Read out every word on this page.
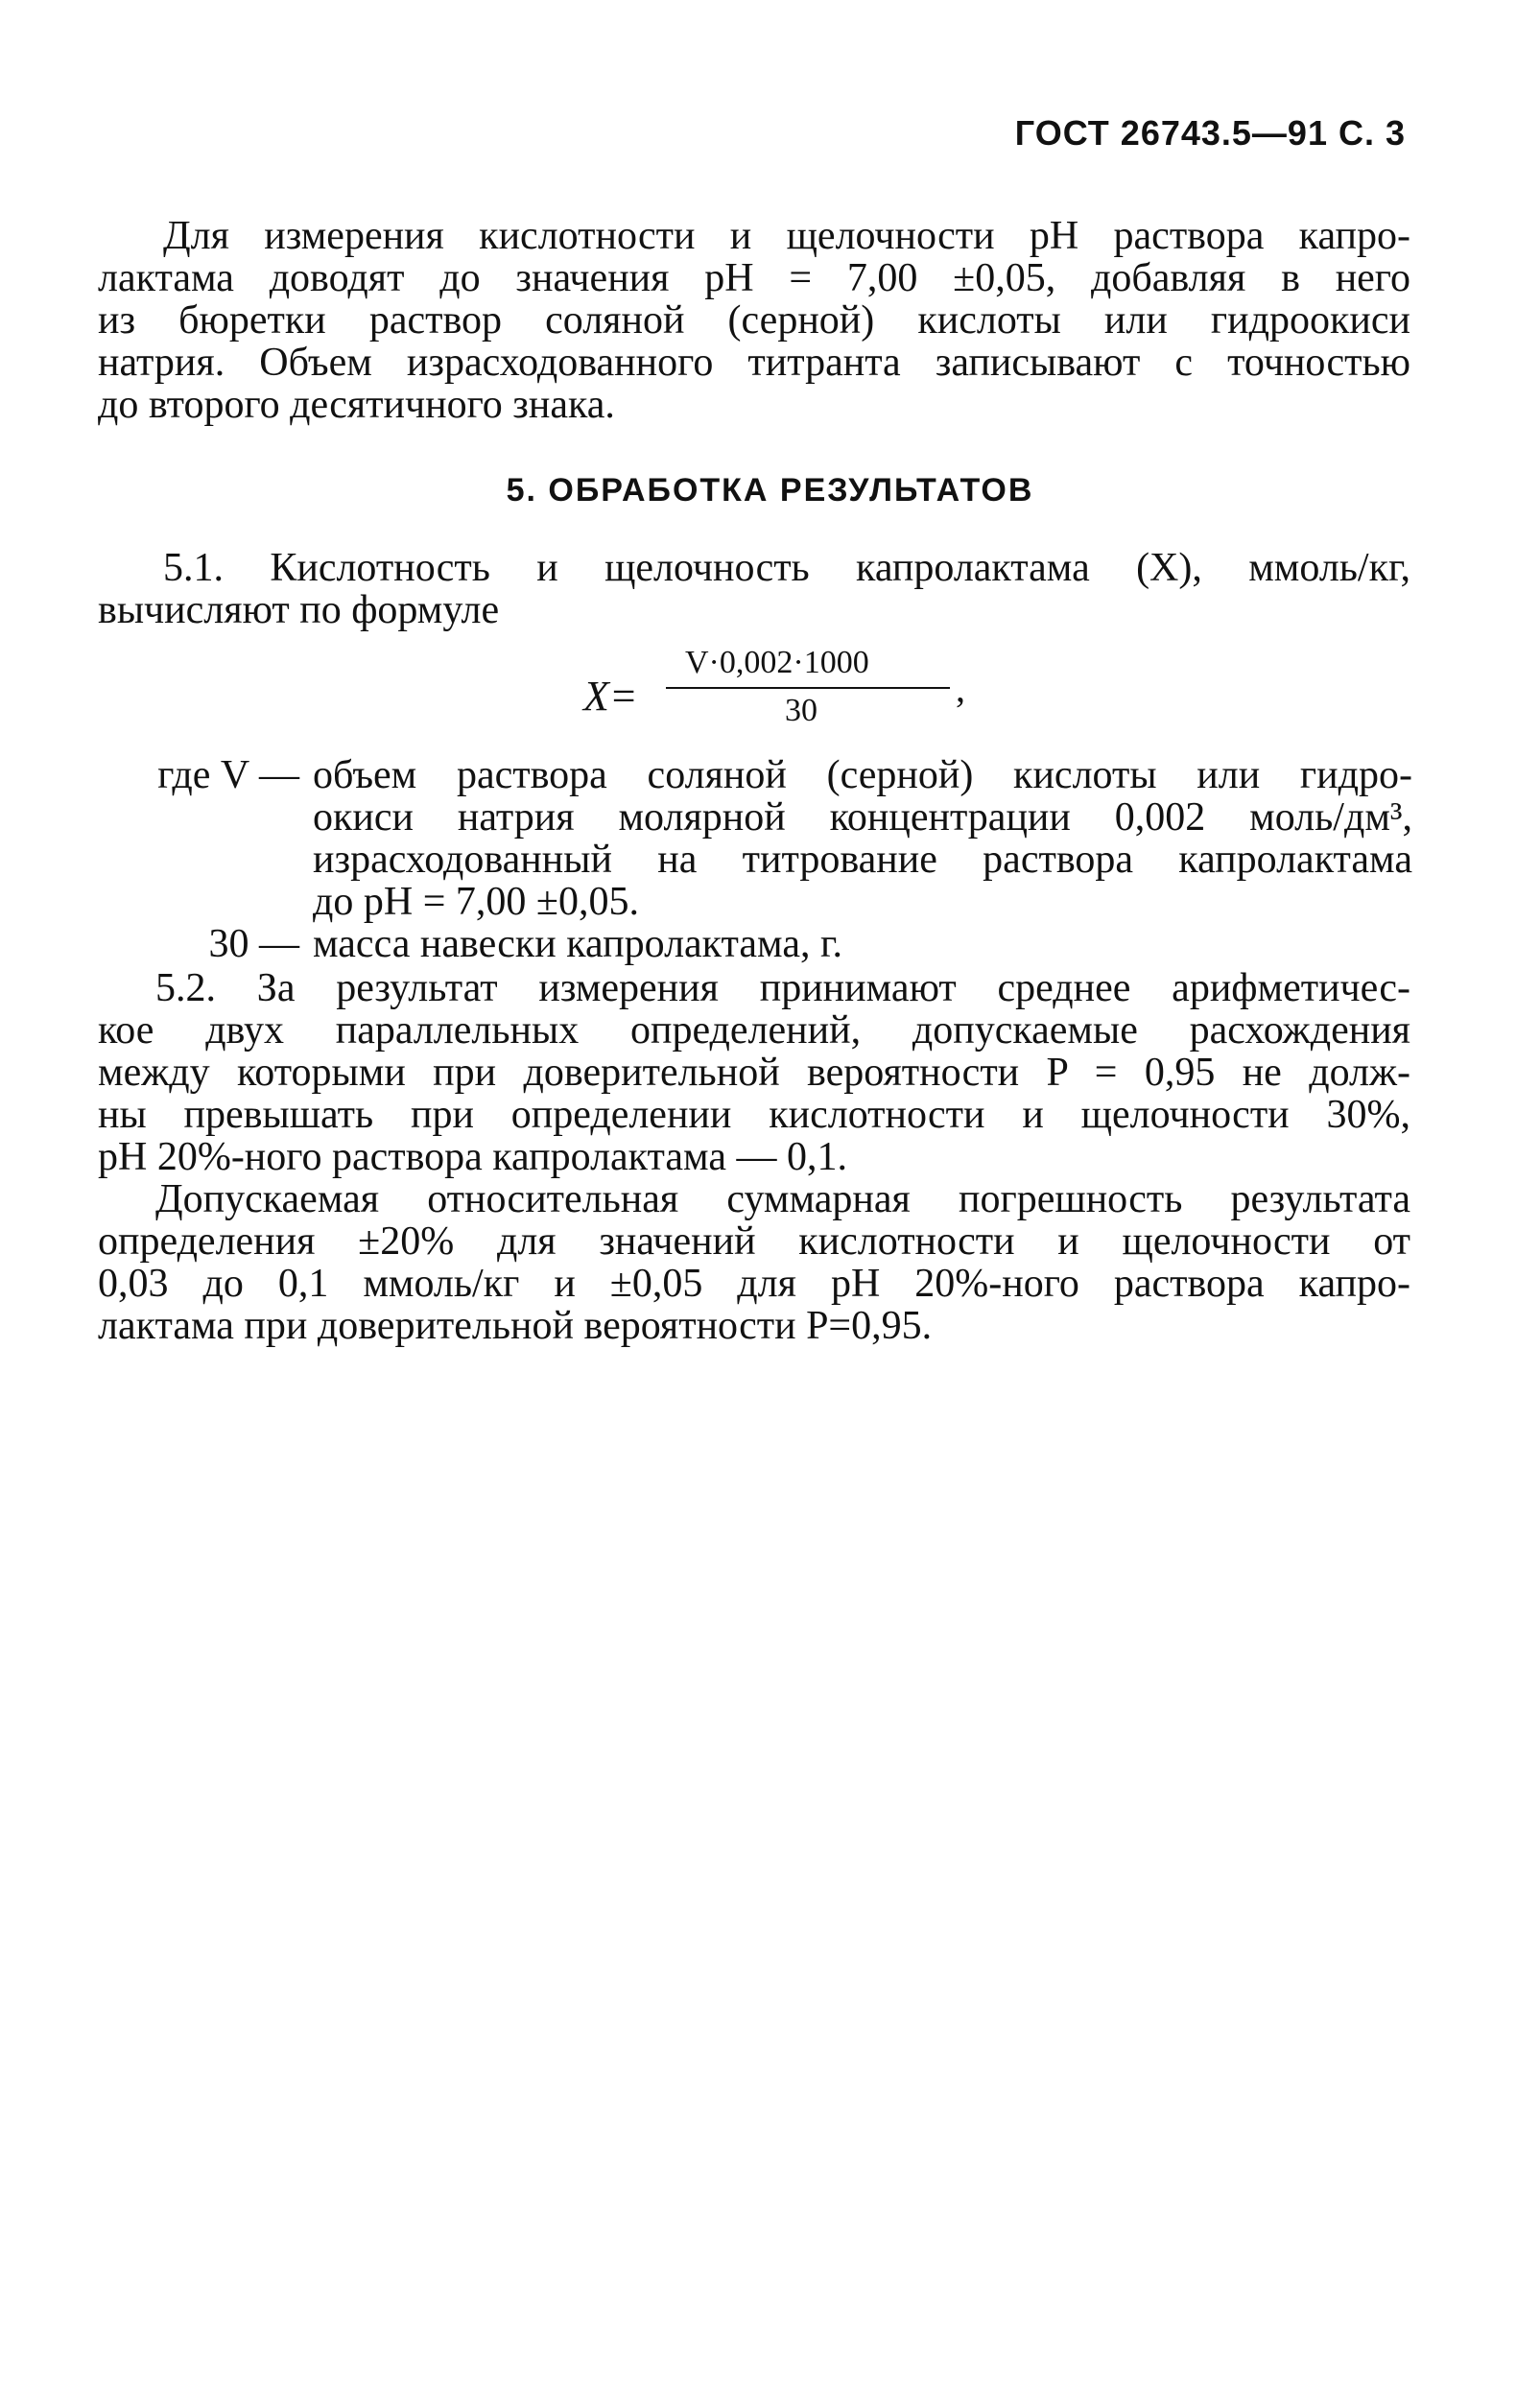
ГОСТ 26743.5—91 С. 3
Для измерения кислотности и щелочности pH раствора капро-
лактама доводят до значения pH = 7,00 ±0,05, добавляя в него
из бюретки раствор соляной (серной) кислоты или гидроокиси
натрия. Объем израсходованного титранта записывают с точностью
до второго десятичного знака.
5. ОБРАБОТКА РЕЗУЛЬТАТОВ
5.1. Кислотность и щелочность капролактама (X), ммоль/кг,
вычисляют по формуле
X=
V·0,002·1000
30
,
где V — объем раствора соляной (серной) кислоты или гидро-
окиси натрия молярной концентрации 0,002 моль/дм³,
израсходованный на титрование раствора капролактама
до pH = 7,00 ±0,05.
30 — масса навески капролактама, г.
5.2. За результат измерения принимают среднее арифметичес-
кое двух параллельных определений, допускаемые расхождения
между которыми при доверительной вероятности P = 0,95 не долж-
ны превышать при определении кислотности и щелочности 30%,
pH 20%-ного раствора капролактама — 0,1.
Допускаемая относительная суммарная погрешность результата
определения ±20% для значений кислотности и щелочности от
0,03 до 0,1 ммоль/кг и ±0,05 для pH 20%-ного раствора капро-
лактама при доверительной вероятности P=0,95.
